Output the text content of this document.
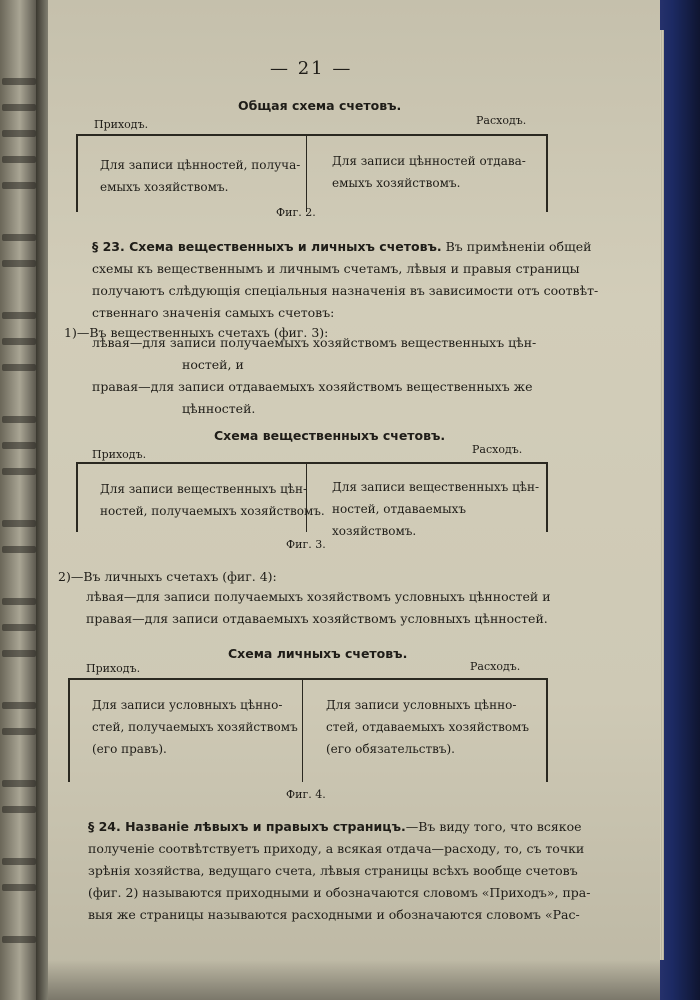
— 21 —
Общая схема счетовъ.
Приходъ.	Расходъ.
Для записи цѣнностей, получа-
емыхъ хозяйствомъ.
Для записи цѣнностей отдава-
емыхъ хозяйствомъ.
Фиг. 2.
§ 23. Схема вещественныхъ и личныхъ счетовъ. Въ примѣненіи общей
схемы къ вещественнымъ и личнымъ счетамъ, лѣвыя и правыя страницы
получаютъ слѣдующія спеціальныя назначенія въ зависимости отъ соотвѣт-
ственнаго значенія самыхъ счетовъ:
1)—Въ вещественныхъ счетахъ (фиг. 3):
лѣвая—для записи получаемыхъ хозяйствомъ вещественныхъ цѣн-
ностей, и
правая—для записи отдаваемыхъ хозяйствомъ вещественныхъ же
цѣнностей.
Схема вещественныхъ счетовъ.
Приходъ.	Расходъ.
Для записи вещественныхъ цѣн-
ностей, получаемыхъ хозяйствомъ.
Для записи вещественныхъ цѣн-
ностей, отдаваемыхъ хозяйствомъ.
Фиг. 3.
2)—Въ личныхъ счетахъ (фиг. 4):
лѣвая—для записи получаемыхъ хозяйствомъ условныхъ цѣнностей и
правая—для записи отдаваемыхъ хозяйствомъ условныхъ цѣнностей.
Схема личныхъ счетовъ.
Приходъ.	Расходъ.
Для записи условныхъ цѣнно-
стей, получаемыхъ хозяйствомъ
(его правъ).
Для записи условныхъ цѣнно-
стей, отдаваемыхъ хозяйствомъ
(его обязательствъ).
Фиг. 4.
§ 24. Названіе лѣвыхъ и правыхъ страницъ.—Въ виду того, что всякое
полученіе соотвѣтствуетъ приходу, а всякая отдача—расходу, то, съ точки
зрѣнія хозяйства, ведущаго счета, лѣвыя страницы всѣхъ вообще счетовъ
(фиг. 2) называются приходными и обозначаются словомъ «Приходъ», пра-
выя же страницы называются расходными и обозначаются словомъ «Рас-
